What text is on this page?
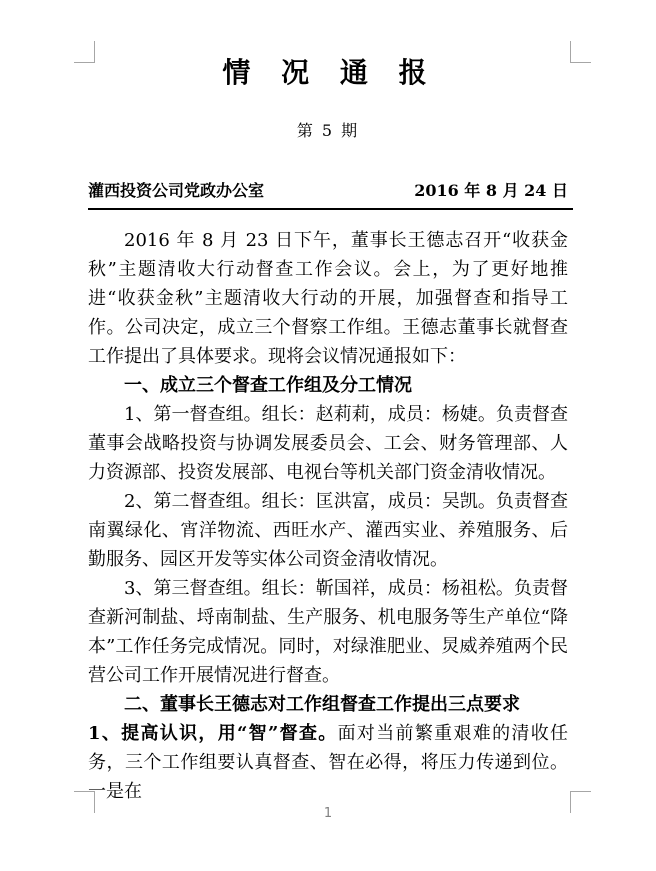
情 况 通 报
第 5 期
灌西投资公司党政办公室	2016 年 8 月 24 日

2016 年 8 月 23 日下午，董事长王德志召开“收获金秋”主题清收大行动督查工作会议。会上，为了更好地推进“收获金秋”主题清收大行动的开展，加强督查和指导工作。公司决定，成立三个督察工作组。王德志董事长就督查工作提出了具体要求。现将会议情况通报如下：

一、成立三个督查工作组及分工情况

1、第一督查组。组长：赵莉莉，成员：杨婕。负责督查董事会战略投资与协调发展委员会、工会、财务管理部、人力资源部、投资发展部、电视台等机关部门资金清收情况。

2、第二督查组。组长：匡洪富，成员：吴凯。负责督查南翼绿化、宵洋物流、西旺水产、灌西实业、养殖服务、后勤服务、园区开发等实体公司资金清收情况。

3、第三督查组。组长：靳国祥，成员：杨祖松。负责督查新河制盐、埒南制盐、生产服务、机电服务等生产单位“降本”工作任务完成情况。同时，对绿淮肥业、炅威养殖两个民营公司工作开展情况进行督查。

二、董事长王德志对工作组督查工作提出三点要求

1、提高认识，用“智”督查。面对当前繁重艰难的清收任务，三个工作组要认真督查、智在必得，将压力传递到位。一是在

1
